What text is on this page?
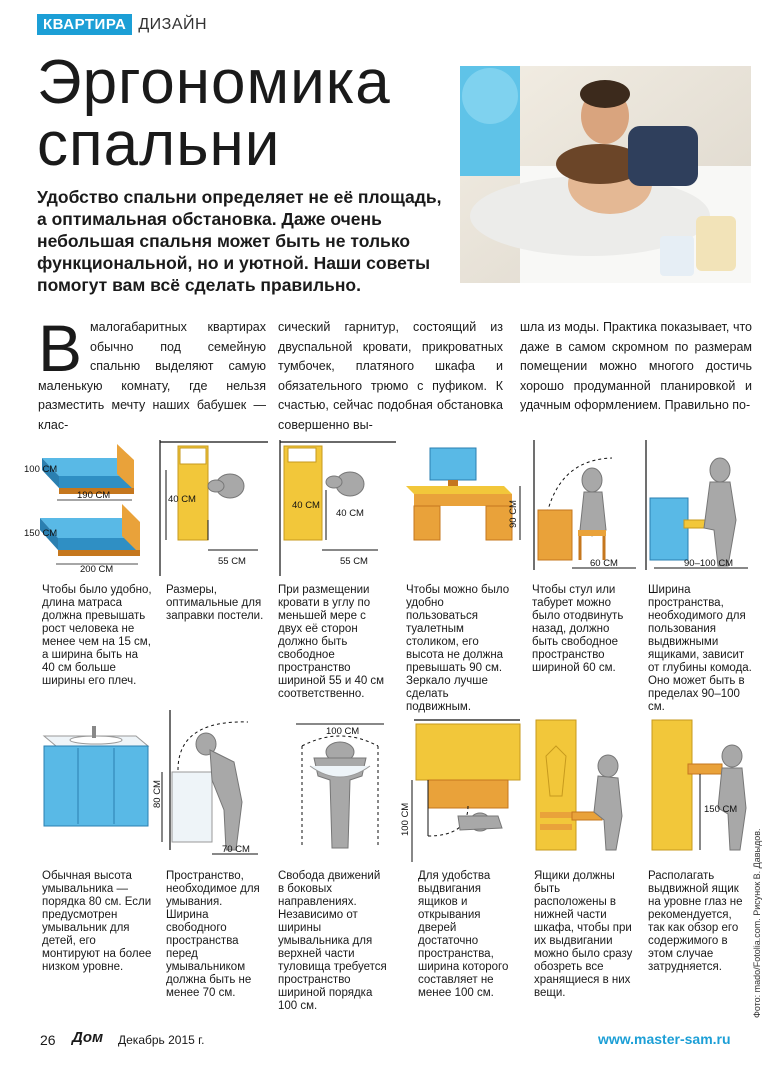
КВАРТИРА ДИЗАЙН
Эргономика
спальни
Удобство спальни определяет не её площадь, а оптимальная обстановка. Даже очень небольшая спальня может быть не только функциональной, но и уютной. Наши советы помогут вам всё сделать правильно.
В малогабаритных квартирах обычно под семейную спальню выделяют самую маленькую комнату, где нельзя разместить мечту наших бабушек — клас-
сический гарнитур, состоящий из двуспальной кровати, прикроватных тумбочек, платяного шкафа и обязательного трюмо с пуфиком. К счастью, сейчас подобная обстановка совершенно вы-
шла из моды. Практика показывает, что даже в самом скромном по размерам помещении можно многого достичь хорошо продуманной планировкой и удачным оформлением. Правильно по-
100 СМ
190 СМ
150 СМ
200 СМ
40 СМ
55 СМ
40 СМ
40 СМ
55 СМ
90 СМ
60 СМ	90–100 СМ
Чтобы было удобно, длина матраса должна превышать рост человека не менее чем на 15 см, а ширина быть на 40 см больше ширины его плеч.
Размеры, оптимальные для заправки постели.
При размещении кровати в углу по меньшей мере с двух её сторон должно быть свободное пространство шириной 55 и 40 см соответственно.
Чтобы можно было удобно пользоваться туалетным столиком, его высота не должна превышать 90 см. Зеркало лучше сделать подвижным.
Чтобы стул или табурет можно было отодвинуть назад, должно быть свободное пространство шириной 60 см.
Ширина пространства, необходимого для пользования выдвижными ящиками, зависит от глубины комода. Оно может быть в пределах 90–100 см.
80 СМ
70 СМ
100 СМ
100 СМ	150 СМ
Обычная высота умывальника — порядка 80 см. Если предусмотрен умывальник для детей, его монтируют на более низком уровне.
Пространство, необходимое для умывания. Ширина свободного пространства перед умывальником должна быть не менее 70 см.
Свобода движений в боковых направлениях. Независимо от ширины умывальника для верхней части туловища требуется пространство шириной порядка 100 см.
Для удобства выдвигания ящиков и открывания дверей достаточно пространства, ширина которого составляет не менее 100 см.
Ящики должны быть расположены в нижней части шкафа, чтобы при их выдвигании можно было сразу обозреть все хранящиеся в них вещи.
Располагать выдвижной ящик на уровне глаз не рекомендуется, так как обзор его содержимого в этом случае затрудняется.	Фото: mado/Fotolia.com. Рисунок В. Давыдов.
26 Дом Декабрь 2015 г.	www.master-sam.ru
